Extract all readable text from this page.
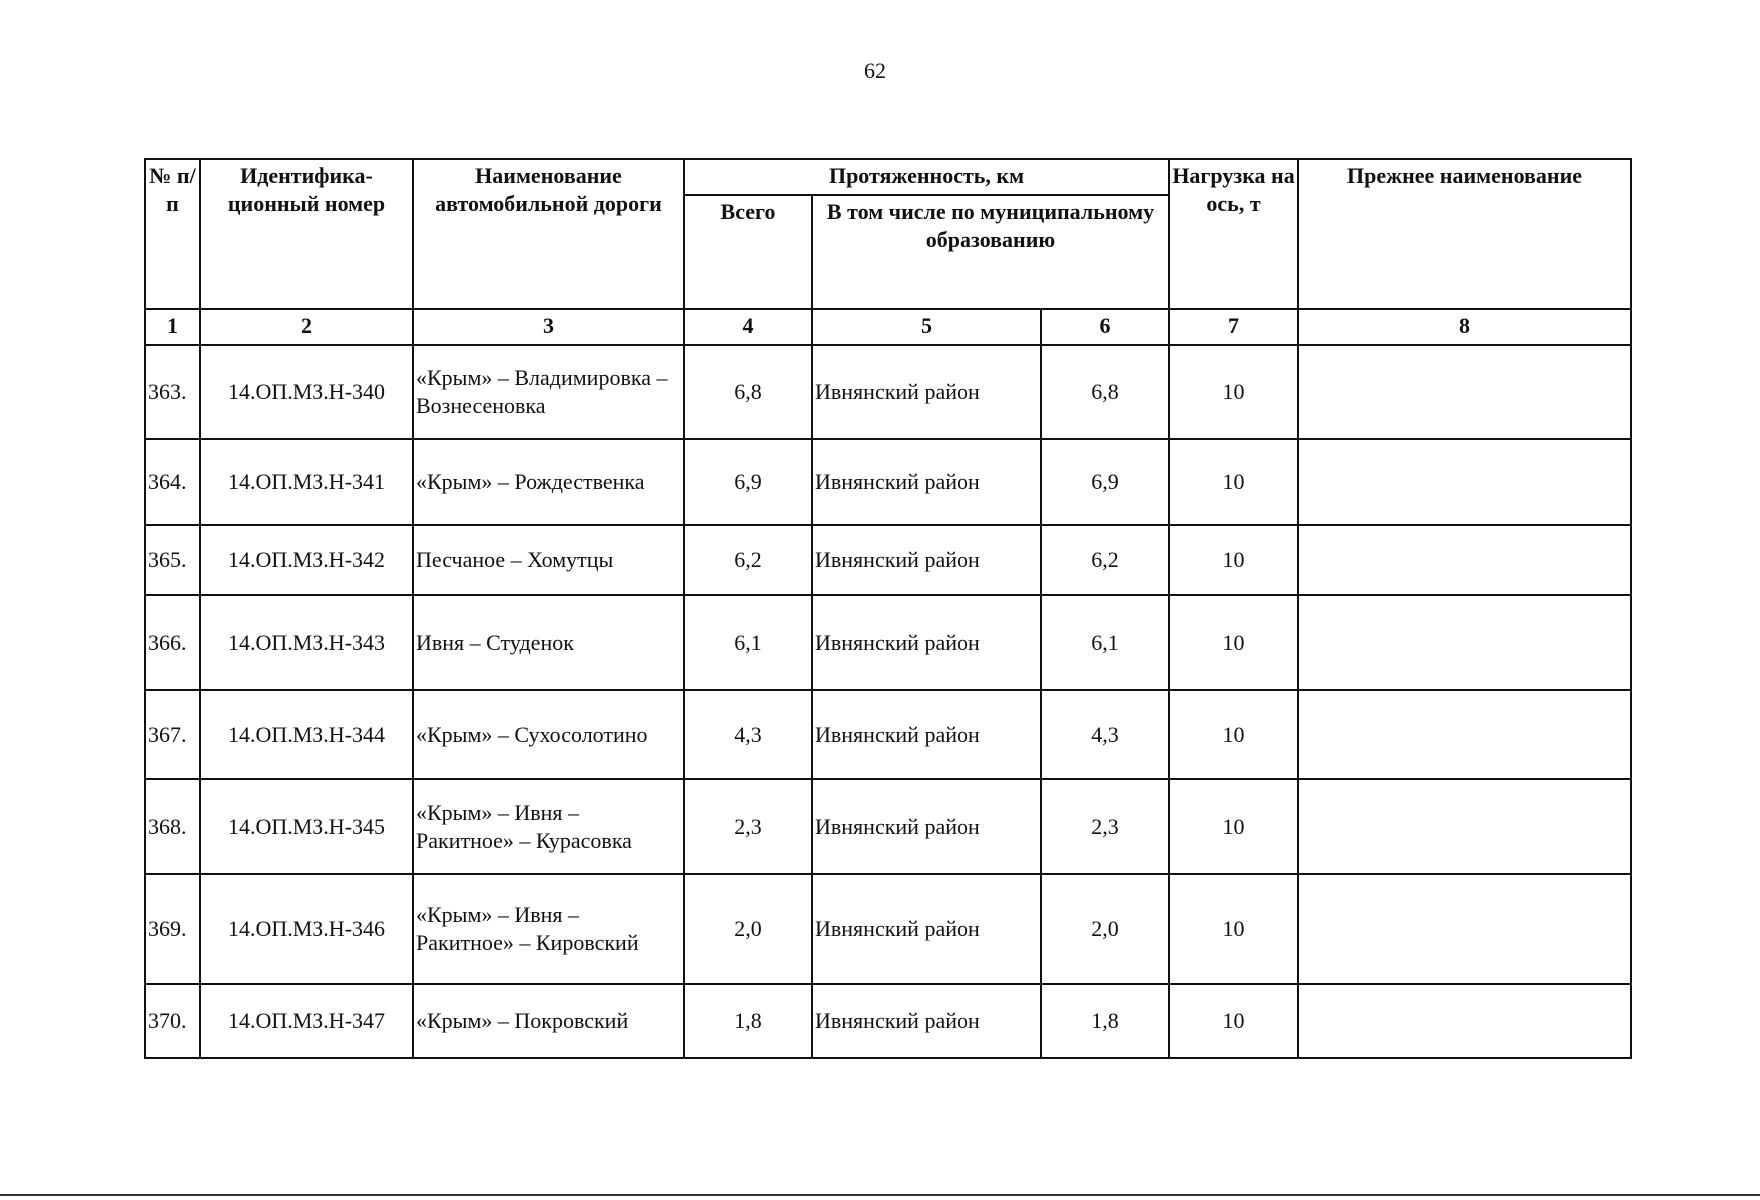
62
№ п/п	Идентифика-ционный номер	Наименование автомобильной дороги	Протяженность, км			Нагрузка на ось, т	Прежнее наименование
			Всего	В том числе по муниципальному образованию			
1	2	3	4	5	6	7	8
363.	14.ОП.МЗ.Н-340	«Крым» – Владимировка – Вознесеновка	6,8	Ивнянский район	6,8	10	
364.	14.ОП.МЗ.Н-341	«Крым» – Рождественка	6,9	Ивнянский район	6,9	10	
365.	14.ОП.МЗ.Н-342	Песчаное – Хомутцы	6,2	Ивнянский район	6,2	10	
366.	14.ОП.МЗ.Н-343	Ивня – Студенок	6,1	Ивнянский район	6,1	10	
367.	14.ОП.МЗ.Н-344	«Крым» – Сухосолотино	4,3	Ивнянский район	4,3	10	
368.	14.ОП.МЗ.Н-345	«Крым» – Ивня – Ракитное» – Курасовка	2,3	Ивнянский район	2,3	10	
369.	14.ОП.МЗ.Н-346	«Крым» – Ивня – Ракитное» – Кировский	2,0	Ивнянский район	2,0	10	
370.	14.ОП.МЗ.Н-347	«Крым» – Покровский	1,8	Ивнянский район	1,8	10	
